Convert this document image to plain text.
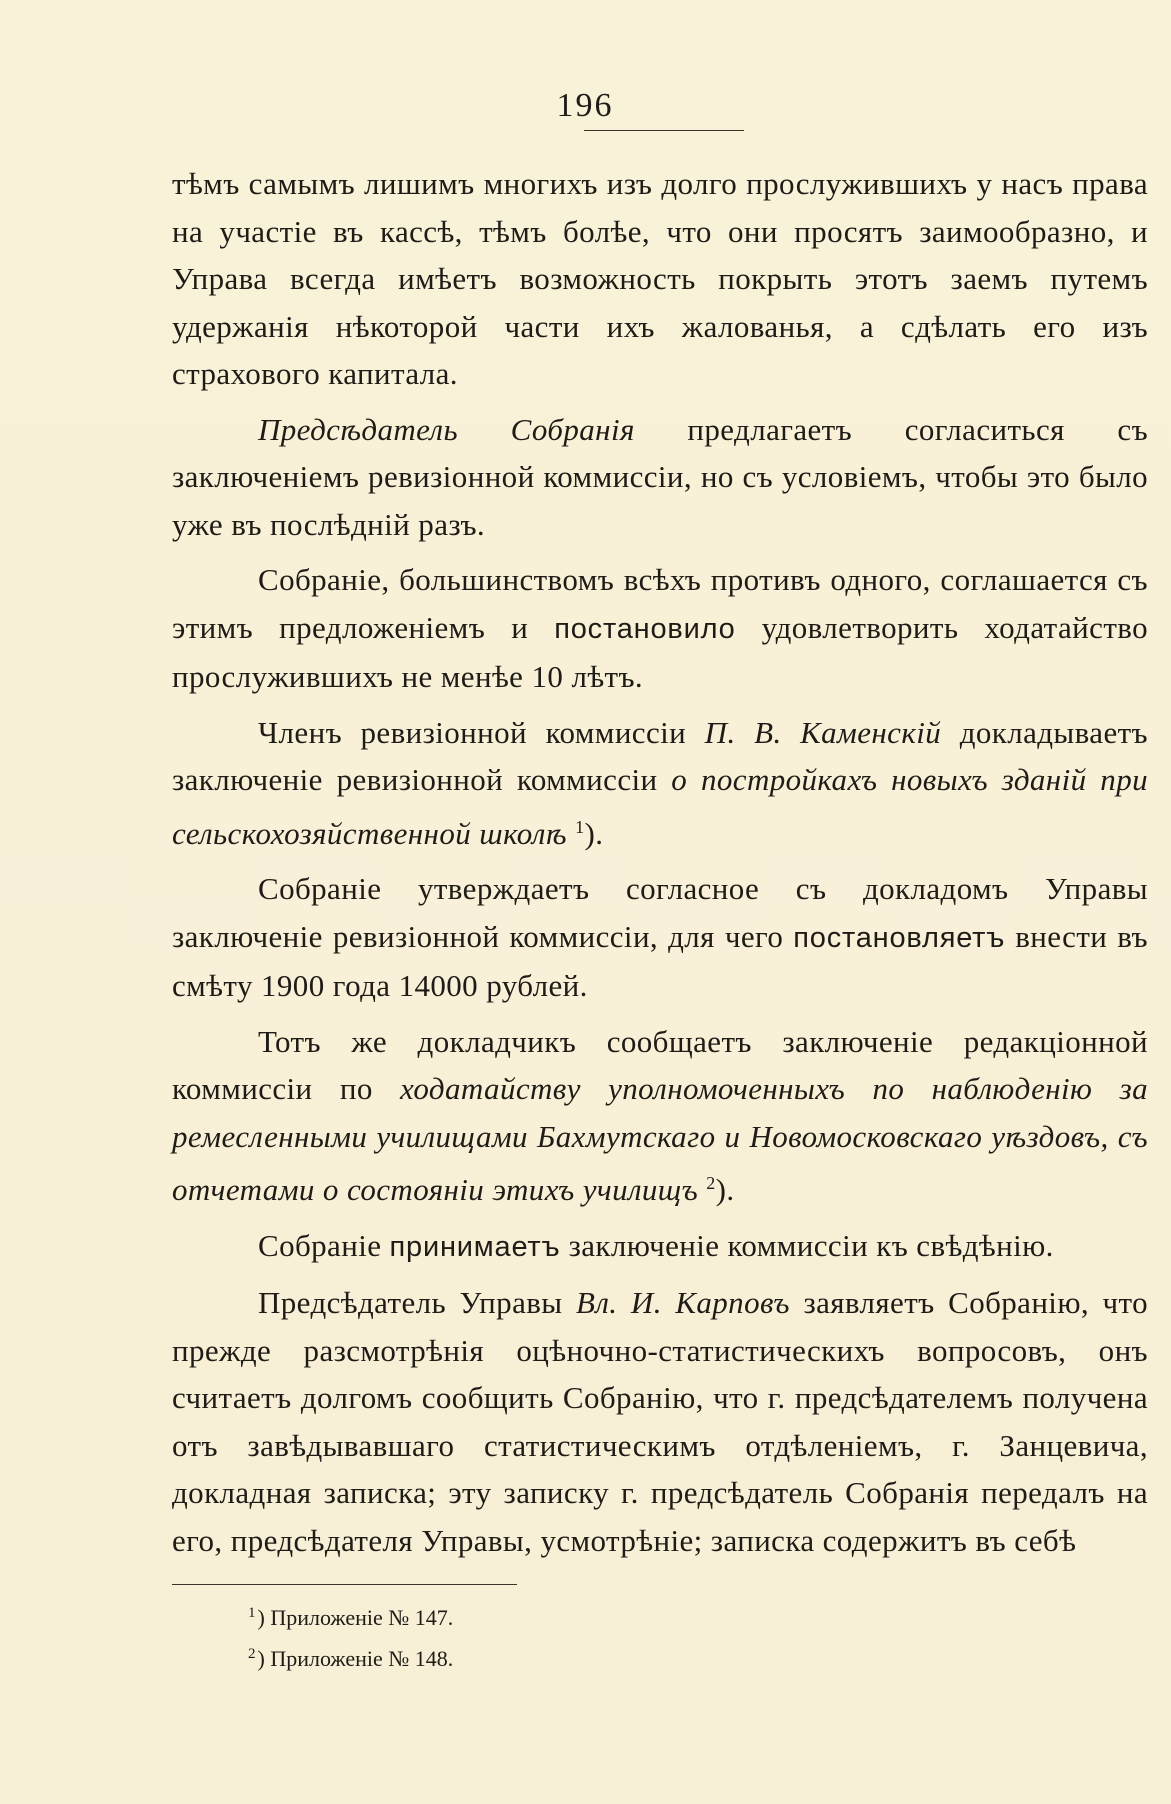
196

тѣмъ самымъ лишимъ многихъ изъ долго прослужившихъ у насъ права на участіе въ кассѣ, тѣмъ болѣе, что они просятъ заимообразно, и Управа всегда имѣетъ возможность покрыть этотъ заемъ путемъ удержанія нѣкоторой части ихъ жалованья, а сдѣлать его изъ страхового капитала.

Предсѣдатель Собранія предлагаетъ согласиться съ заключеніемъ ревизіонной коммиссіи, но съ условіемъ, чтобы это было уже въ послѣдній разъ.

Собраніе, большинствомъ всѣхъ противъ одного, соглашается съ этимъ предложеніемъ и постановило удовлетворить ходатайство прослужившихъ не менѣе 10 лѣтъ.

Членъ ревизіонной коммиссіи П. В. Каменскій докладываетъ заключеніе ревизіонной коммиссіи о постройкахъ новыхъ зданій при сельскохозяйственной школѣ $^1$).

Собраніе утверждаетъ согласное съ докладомъ Управы заключеніе ревизіонной коммиссіи, для чего постановляетъ внести въ смѣту 1900 года 14000 рублей.

Тотъ же докладчикъ сообщаетъ заключеніе редакціонной коммиссіи по ходатайству уполномоченныхъ по наблюденію за ремесленными училищами Бахмутскаго и Новомосковскаго уѣздовъ, съ отчетами о состояніи этихъ училищъ $^2$).

Собраніе принимаетъ заключеніе коммиссіи къ свѣдѣнію.

Предсѣдатель Управы Вл. И. Карповъ заявляетъ Собранію, что прежде разсмотрѣнія оцѣночно-статистическихъ вопросовъ, онъ считаетъ долгомъ сообщить Собранію, что г. предсѣдателемъ получена отъ завѣдывавшаго статистическимъ отдѣленіемъ, г. Занцевича, докладная записка; эту записку г. предсѣдатель Собранія передалъ на его, предсѣдателя Управы, усмотрѣніе; записка содержитъ въ себѣ

$^1$) Приложеніе № 147.
$^2$) Приложеніе № 148.
